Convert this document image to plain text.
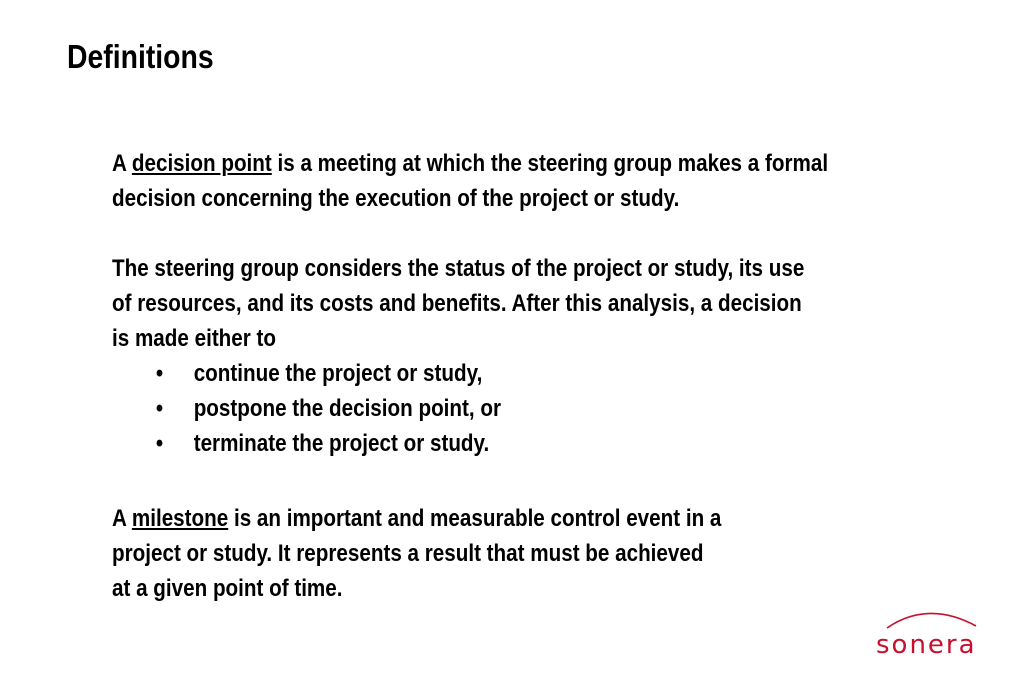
Definitions
A decision point is a meeting at which the steering group makes a formal
decision concerning the execution of the project or study.
The steering group considers the status of the project or study, its use
of resources, and its costs and benefits. After this analysis, a decision
is made either to
• continue the project or study,
• postpone the decision point, or
• terminate the project or study.
A milestone is an important and measurable control event in a
project or study. It represents a result that must be achieved
at a given point of time.
sonera
